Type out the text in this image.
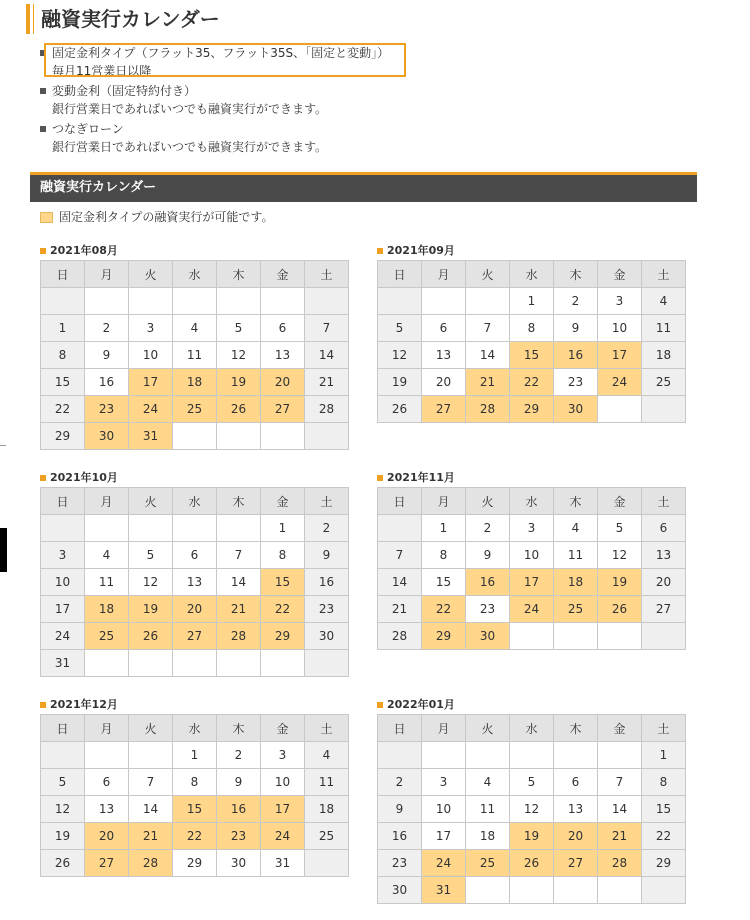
融資実行カレンダー
固定金利タイプ（フラット35、フラット35S、「固定と変動」）
毎月11営業日以降
変動金利（固定特約付き）
銀行営業日であればいつでも融資実行ができます。
つなぎローン
銀行営業日であればいつでも融資実行ができます。
融資実行カレンダー
固定金利タイプの融資実行が可能です。
2021年08月
日	月	火	水	木	金	土

1	2	3	4	5	6	7
8	9	10	11	12	13	14
15	16	17	18	19	20	21
22	23	24	25	26	27	28
29	30	31				
2021年09月
日	月	火	水	木	金	土
			1	2	3	4
5	6	7	8	9	10	11
12	13	14	15	16	17	18
19	20	21	22	23	24	25
26	27	28	29	30		
2021年10月
日	月	火	水	木	金	土
					1	2
3	4	5	6	7	8	9
10	11	12	13	14	15	16
17	18	19	20	21	22	23
24	25	26	27	28	29	30
31						
2021年11月
日	月	火	水	木	金	土
	1	2	3	4	5	6
7	8	9	10	11	12	13
14	15	16	17	18	19	20
21	22	23	24	25	26	27
28	29	30				
2021年12月
日	月	火	水	木	金	土
			1	2	3	4
5	6	7	8	9	10	11
12	13	14	15	16	17	18
19	20	21	22	23	24	25
26	27	28	29	30	31	
2022年01月
日	月	火	水	木	金	土
						1
2	3	4	5	6	7	8
9	10	11	12	13	14	15
16	17	18	19	20	21	22
23	24	25	26	27	28	29
30	31					
